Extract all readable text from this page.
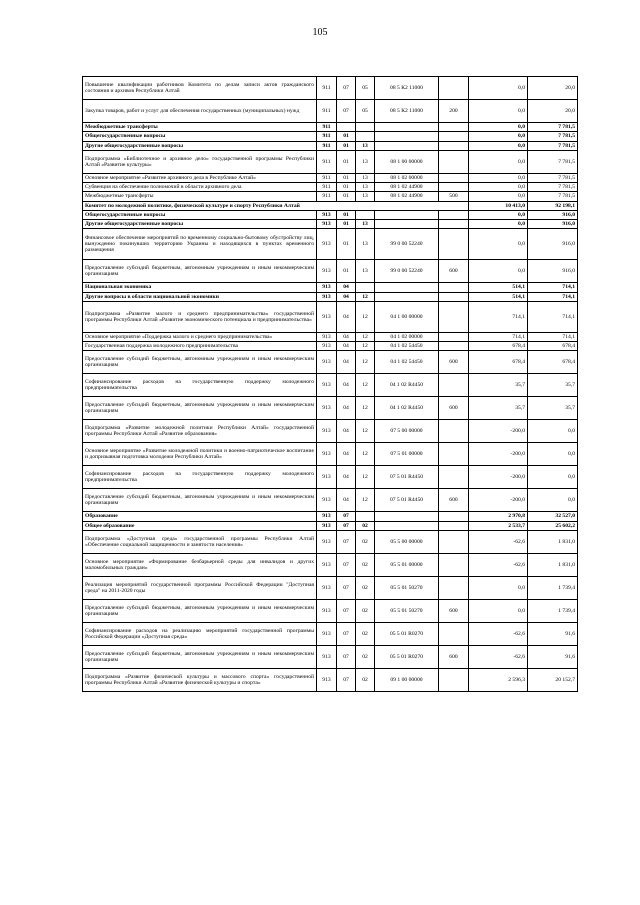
105
Повышение квалификации работников Комитета по делам записи актов гражданского состояния и архивов Республики Алтай	911	07	05	08 5 К2 11000		0,0	20,0
Закупка товаров, работ и услуг для обеспечения государственных (муниципальных) нужд	911	07	05	08 5 К2 11000	200	0,0	20,0
Межбюджетные трансферты	911					0,0	7 781,5
Общегосударственные вопросы	911	01				0,0	7 781,5
Другие общегосударственные вопросы	911	01	13			0,0	7 781,5
Подпрограмма «Библиотечное и архивное дело» государственной программы Республики Алтай «Развитие культуры»	911	01	13	08 1 00 00000		0,0	7 781,5
Основное мероприятие «Развитие архивного дела в Республике Алтай»	911	01	13	08 1 02 00000		0,0	7 781,5
Субвенция на обеспечение полномочий в области архивного дела	911	01	13	08 1 02 44900		0,0	7 781,5
Межбюджетные трансферты	911	01	13	08 1 02 44900	500	0,0	7 781,5
Комитет по молодежной политике, физической культуре и спорту Республики Алтай						10 413,0	92 198,1
Общегосударственные вопросы	913	01				0,0	916,0
Другие общегосударственные вопросы	913	01	13			0,0	916,0
Финансовое обеспечение мероприятий по временному социально-бытовому обустройству лиц, вынужденно покинувших территорию Украины и находящихся в пунктах временного размещения	913	01	13	99 0 00 52240		0,0	916,0
Предоставление субсидий бюджетным, автономным учреждениям и иным некоммерческим организациям	913	01	13	99 0 00 52240	600	0,0	916,0
Национальная экономика	913	04				514,1	714,1
Другие вопросы в области национальной экономики	913	04	12			514,1	714,1
Подпрограмма «Развитие малого и среднего предпринимательства» государственной программы Республики Алтай «Развитие экономического потенциала и предпринимательства»	913	04	12	04 1 00 00000		714,1	714,1
Основное мероприятие «Поддержка малого и среднего предпринимательства»	913	04	12	04 1 02 00000		714,1	714,1
Государственная поддержка молодежного предпринимательства	913	04	12	04 1 02 54450		678,4	678,4
Предоставление субсидий бюджетным, автономным учреждениям и иным некоммерческим организациям	913	04	12	04 1 02 54450	600	678,4	678,4
Софинансирование расходов на государственную поддержку молодежного предпринимательства	913	04	12	04 1 02 R4450		35,7	35,7
Предоставление субсидий бюджетным, автономным учреждениям и иным некоммерческим организациям	913	04	12	04 1 02 R4450	600	35,7	35,7
Подпрограмма «Развитие молодежной политики Республики Алтай» государственной программы Республики Алтай «Развитие образования»	913	04	12	07 5 00 00000		-200,0	0,0
Основное мероприятие «Развитие молодежной политики и военно-патриотическое воспитание и допризывная подготовка молодежи Республики Алтай»	913	04	12	07 5 01 00000		-200,0	0,0
Софинансирование расходов на государственную поддержку молодежного предпринимательства	913	04	12	07 5 01 R4450		-200,0	0,0
Предоставление субсидий бюджетным, автономным учреждениям и иным некоммерческим организациям	913	04	12	07 5 01 R4450	600	-200,0	0,0
Образование	913	07				2 970,8	32 527,0
Общее образование	913	07	02			2 533,7	25 602,2
Подпрограмма «Доступная среда» государственной программы Республики Алтай «Обеспечение социальной защищенности и занятости населения»	913	07	02	05 5 00 00000		-62,6	1 831,0
Основное мероприятие «Формирование безбарьерной среды для инвалидов и других маломобильных граждан»	913	07	02	05 5 01 00000		-62,6	1 831,0
Реализация мероприятий государственной программы Российской Федерации "Доступная среда" на 2011-2020 годы	913	07	02	05 5 01 50270		0,0	1 739,4
Предоставление субсидий бюджетным, автономным учреждениям и иным некоммерческим организациям	913	07	02	05 5 01 50270	600	0,0	1 739,4
Софинансирование расходов на реализацию мероприятий государственной программы Российской Федерации «Доступная среда»	913	07	02	05 5 01 R0270		-62,6	91,6
Предоставление субсидий бюджетным, автономным учреждениям и иным некоммерческим организациям	913	07	02	05 5 01 R0270	600	-62,6	91,6
Подпрограмма «Развитие физической культуры и массового спорта» государственной программы Республики Алтай «Развитие физической культуры и спорта»	913	07	02	09 1 00 00000		2 596,3	20 152,7
